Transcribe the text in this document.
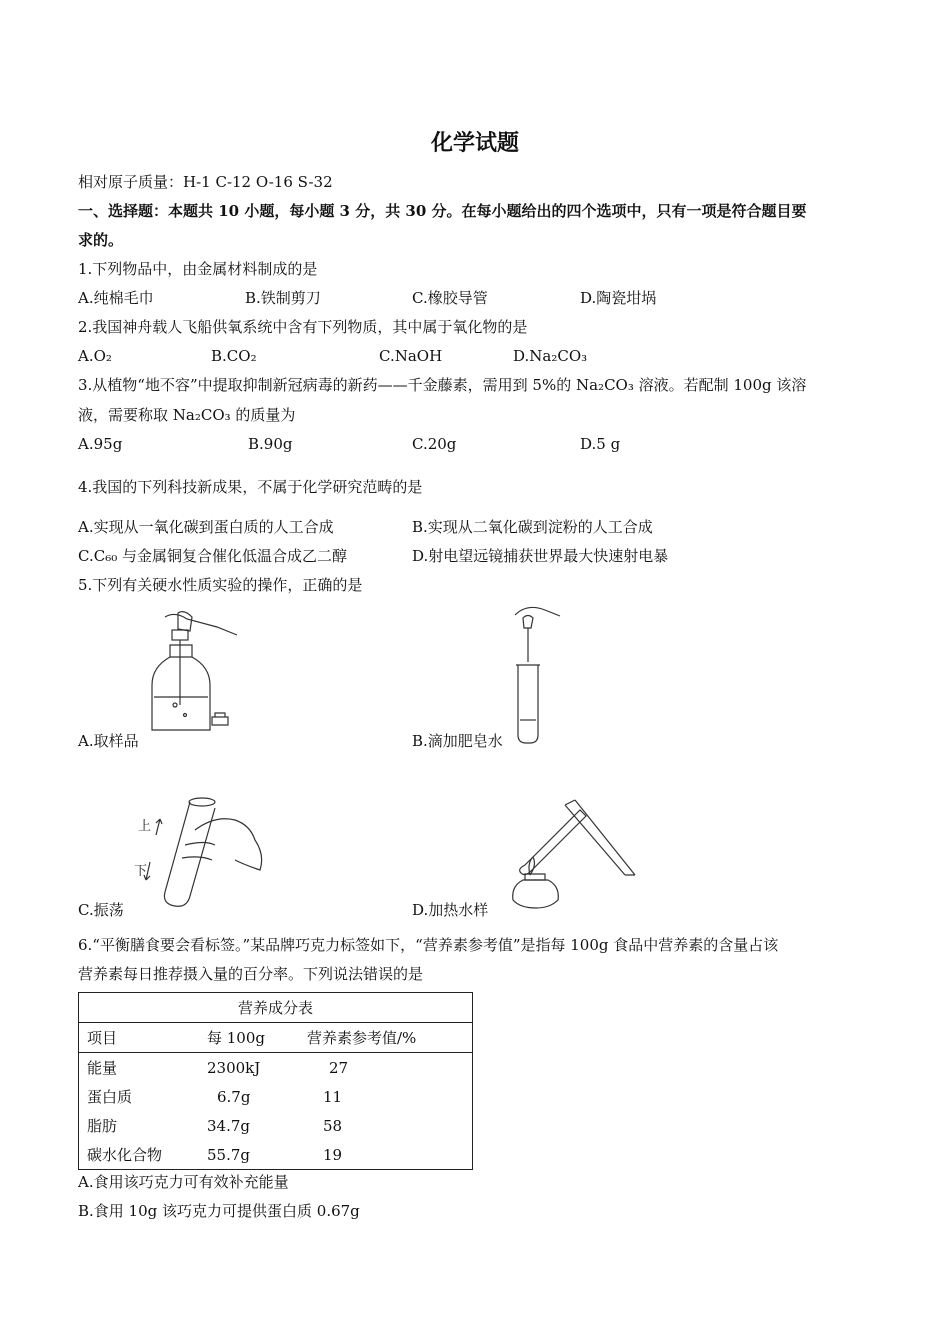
化学试题
相对原子质量：H-1 C-12 O-16 S-32
一、选择题：本题共 10 小题，每小题 3 分，共 30 分。在每小题给出的四个选项中，只有一项是符合题目要
求的。
1.下列物品中，由金属材料制成的是
A.纯棉毛巾	B.铁制剪刀	C.橡胶导管	D.陶瓷坩埚
2.我国神舟载人飞船供氧系统中含有下列物质，其中属于氧化物的是
A.O₂	B.CO₂	C.NaOH	D.Na₂CO₃
3.从植物“地不容”中提取抑制新冠病毒的新药——千金藤素，需用到 5%的 Na₂CO₃ 溶液。若配制 100g 该溶
液，需要称取 Na₂CO₃ 的质量为
A.95g	B.90g	C.20g	D.5 g
4.我国的下列科技新成果，不属于化学研究范畴的是
A.实现从一氧化碳到蛋白质的人工合成	B.实现从二氧化碳到淀粉的人工合成
C.C₆₀ 与金属铜复合催化低温合成乙二醇	D.射电望远镜捕获世界最大快速射电暴
5.下列有关硬水性质实验的操作，正确的是
A.取样品	B.滴加肥皂水
上
下
C.振荡	D.加热水样
6.“平衡膳食要会看标签。”某品牌巧克力标签如下，“营养素参考值”是指每 100g 食品中营养素的含量占该
营养素每日推荐摄入量的百分率。下列说法错误的是
营养成分表		
项目	每 100g	营养素参考值/%
能量	2300kJ	27
蛋白质	6.7g	11
脂肪	34.7g	58
碳水化合物	55.7g	19
A.食用该巧克力可有效补充能量
B.食用 10g 该巧克力可提供蛋白质 0.67g
